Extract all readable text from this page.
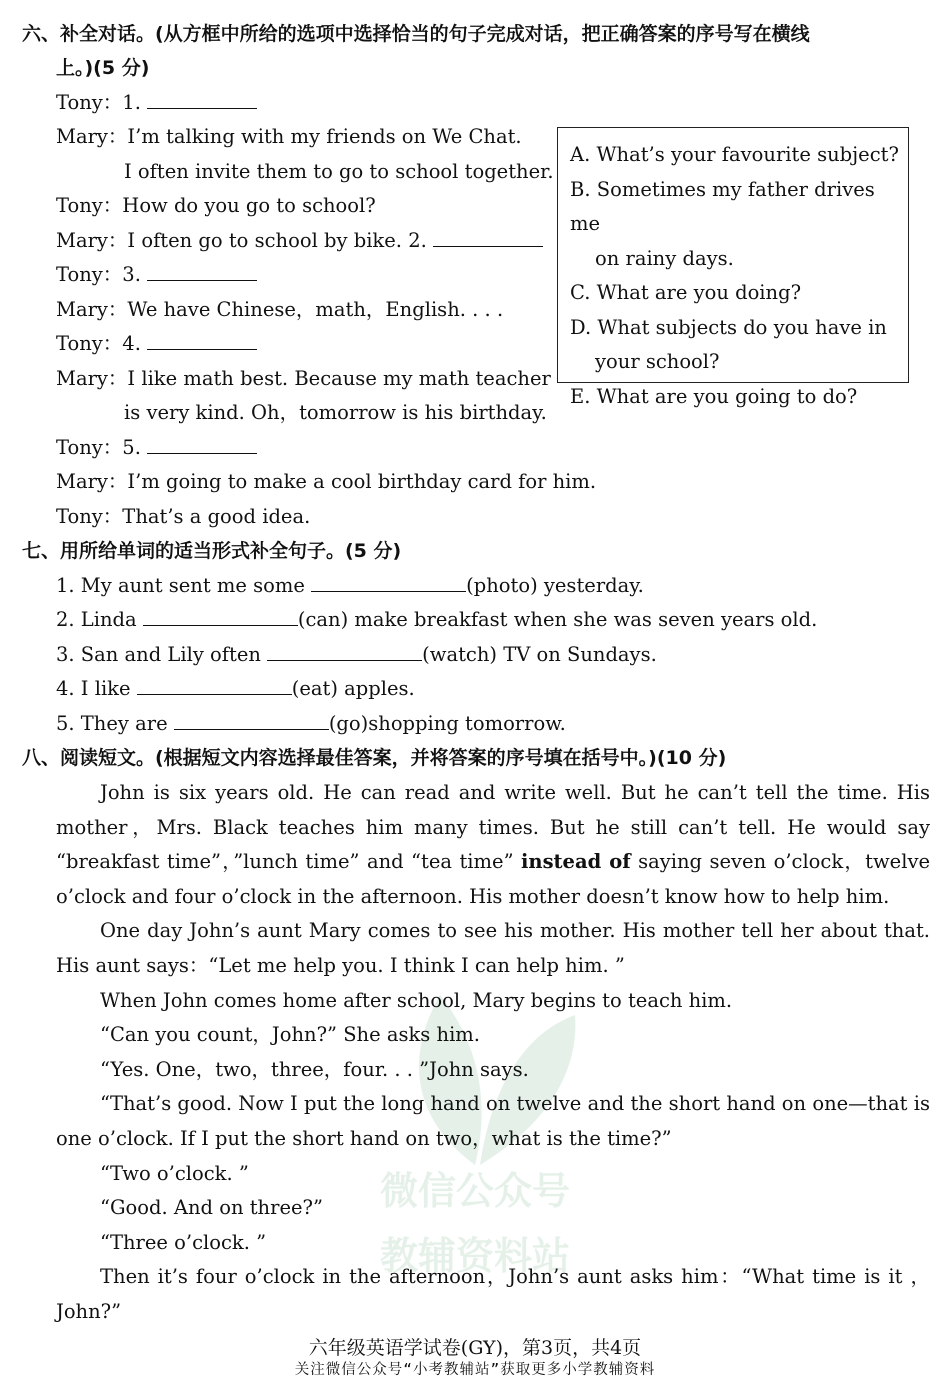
微信公众号
教辅资料站
六、补全对话。(从方框中所给的选项中选择恰当的句子完成对话，把正确答案的序号写在横线
上。)(5 分)
Tony：1.
Mary：I’m talking with my friends on We Chat.
I often invite them to go to school together.
Tony：How do you go to school?
Mary：I often go to school by bike. 2.
Tony：3.
Mary：We have Chinese，math，English. . . .
Tony：4.
Mary：I like math best. Because my math teacher
is very kind. Oh，tomorrow is his birthday.
Tony：5.
Mary：I’m going to make a cool birthday card for him.
Tony：That’s a good idea.

A. What’s your favourite subject?

B. Sometimes my father drives me

on rainy days.

C. What are you doing?

D. What subjects do you have in

your school?

E. What are you going to do?

七、用所给单词的适当形式补全句子。(5 分)
1. My aunt sent me some	(photo) yesterday.
2. Linda	(can) make breakfast when she was seven years old.
3. San and Lily often	(watch) TV on Sundays.
4. I like	(eat) apples.
5. They are	(go)shopping tomorrow.
八、阅读短文。(根据短文内容选择最佳答案，并将答案的序号填在括号中。)(10 分)

John is six years old. He can read and write well. But he can’t tell the time. His mother，Mrs. Black teaches him many times. But he still can’t tell. He would say “breakfast time”，”lunch time” and “tea time” instead of saying seven o’clock，twelve o’clock and four o’clock in the afternoon. His mother doesn’t know how to help him.

One day John’s aunt Mary comes to see his mother. His mother tell her about that. His aunt says：“Let me help you. I think I can help him. ”

When John comes home after school, Mary begins to teach him.

“Can you count，John?” She asks him.

“Yes. One，two，three，four. . . ”John says.

“That’s good. Now I put the long hand on twelve and the short hand on one—that is one o’clock. If I put the short hand on two，what is the time?”

“Two o’clock. ”

“Good. And on three?”

“Three o’clock. ”

Then it’s four o’clock in the afternoon，John’s aunt asks him：“What time is it ，John?”

六年级英语学试卷(GY)，第3页，共4页
关注微信公众号“小考教辅站”获取更多小学教辅资料
